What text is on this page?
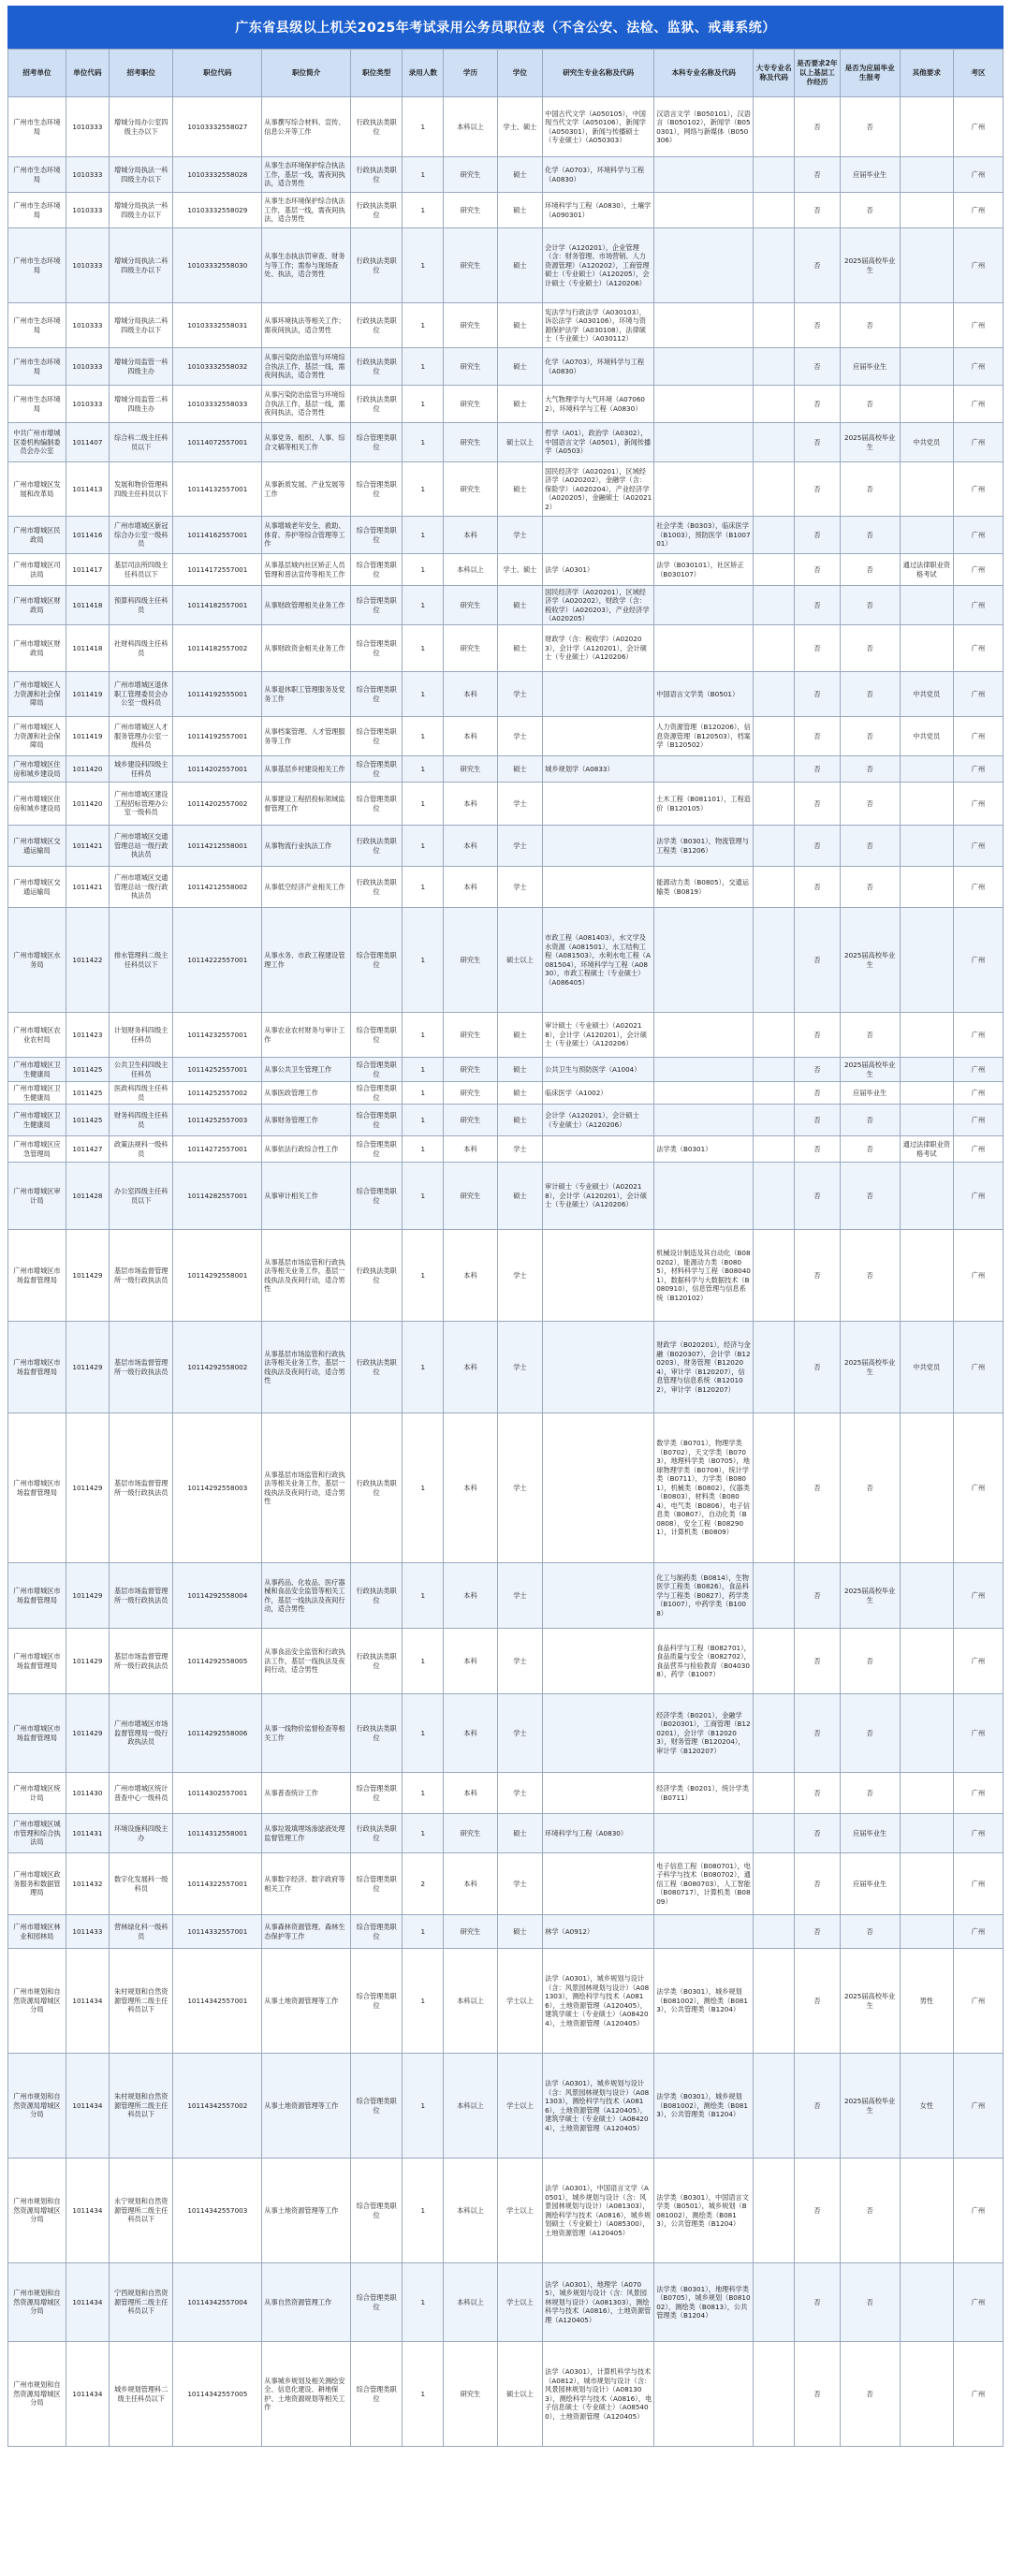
广东省县级以上机关2025年考试录用公务员职位表（不含公安、法检、监狱、戒毒系统）
招考单位	单位代码	招考职位	职位代码	职位简介	职位类型	录用人数	学历	学位	研究生专业名称及代码	本科专业名称及代码	大专专业名称及代码	是否要求2年以上基层工作经历	是否为应届毕业生报考	其他要求	考区
广州市生态环境局	1010333	增城分局办公室四级主办以下	10103332558027	从事撰写综合材料、宣传、信息公开等工作	行政执法类职位	1	本科以上	学士、硕士	中国古代文学（A050105），中国现当代文学（A050106），新闻学（A050301），新闻与传播硕士（专业硕士）（A050303）	汉语言文学（B050101），汉语言（B050102），新闻学（B050301），网络与新媒体（B050306）		否	否		广州
广州市生态环境局	1010333	增城分局执法一科四级主办以下	10103332558028	从事生态环境保护综合执法工作，基层一线，需夜间执法，适合男性	行政执法类职位	1	研究生	硕士	化学（A0703），环境科学与工程（A0830）			否	应届毕业生		广州
广州市生态环境局	1010333	增城分局执法一科四级主办以下	10103332558029	从事生态环境保护综合执法工作，基层一线，需夜间执法，适合男性	行政执法类职位	1	研究生	硕士	环境科学与工程（A0830），土壤学（A090301）			否	否		广州
广州市生态环境局	1010333	增城分局执法二科四级主办以下	10103332558030	从事生态执法罚审查、财务与等工作；需参与现场查处、执法，适合男性	行政执法类职位	1	研究生	硕士	会计学（A120201），企业管理（含：财务管理、市场营销、人力资源管理）（A120202），工商管理硕士（专业硕士）（A120205），会计硕士（专业硕士）（A120206）			否	2025届高校毕业生		广州
广州市生态环境局	1010333	增城分局执法二科四级主办以下	10103332558031	从事环境执法等相关工作；需夜间执法，适合男性	行政执法类职位	1	研究生	硕士	宪法学与行政法学（A030103），诉讼法学（A030106），环境与资源保护法学（A030108），法律硕士（专业硕士）（A030112）			否	否		广州
广州市生态环境局	1010333	增城分局监管一科四级主办	10103332558032	从事污染防治监管与环境综合执法工作，基层一线，需夜间执法，适合男性	行政执法类职位	1	研究生	硕士	化学（A0703），环境科学与工程（A0830）			否	应届毕业生		广州
广州市生态环境局	1010333	增城分局监管二科四级主办	10103332558033	从事污染防治监管与环境综合执法工作，基层一线，需夜间执法，适合男性	行政执法类职位	1	研究生	硕士	大气物理学与大气环境（A070602），环境科学与工程（A0830）			否	否		广州
中共广州市增城区委机构编制委员会办公室	1011407	综合科二级主任科员以下	10114072557001	从事党务、组织、人事、综合文稿等相关工作	综合管理类职位	1	研究生	硕士以上	哲学（A01），政治学（A0302），中国语言文学（A0501），新闻传播学（A0503）			否	2025届高校毕业生	中共党员	广州
广州市增城区发展和改革局	1011413	发展和物价管理科四级主任科员以下	10114132557001	从事新质发展、产业发展等工作	综合管理类职位	1	研究生	硕士	国民经济学（A020201），区域经济学（A020202），金融学（含：保险学）（A020204），产业经济学（A020205），金融硕士（A020212）			否	否		广州
广州市增城区民政局	1011416	广州市增城区新冠综合办公室一级科员	10114162557001	从事增城老年安全、救助、体育、养护等综合管理等工作	综合管理类职位	1	本科	学士		社会学类（B0303），临床医学（B1003），预防医学（B100701）		否	否		广州
广州市增城区司法局	1011417	基层司法所四级主任科员以下	10114172557001	从事基层城内社区矫正人员管理和普法宣传等相关工作	综合管理类职位	1	本科以上	学士、硕士	法学（A0301）	法学（B030101），社区矫正（B030107）		否	否	通过法律职业资格考试	广州
广州市增城区财政局	1011418	预算科四级主任科员	10114182557001	从事财政管理相关业务工作	综合管理类职位	1	研究生	硕士	国民经济学（A020201），区域经济学（A020202），财政学（含：税收学）（A020203），产业经济学（A020205）			否	否		广州
广州市增城区财政局	1011418	社财科四级主任科员	10114182557002	从事财政资金相关业务工作	综合管理类职位	1	研究生	硕士	财政学（含：税收学）（A020203），会计学（A120201），会计硕士（专业硕士）（A120206）			否	否		广州
广州市增城区人力资源和社会保障局	1011419	广州市增城区退休职工管理委员会办公室一级科员	10114192555001	从事退休职工管理服务及党务工作	综合管理类职位	1	本科	学士		中国语言文学类（B0501）		否	否	中共党员	广州
广州市增城区人力资源和社会保障局	1011419	广州市增城区人才服务管理办公室一级科员	10114192557001	从事档案管理、人才管理服务等工作	综合管理类职位	1	本科	学士		人力资源管理（B120206），信息资源管理（B120503），档案学（B120502）		否	否	中共党员	广州
广州市增城区住房和城乡建设局	1011420	城乡建设科四级主任科员	10114202557001	从事基层乡村建设相关工作	综合管理类职位	1	研究生	硕士	城乡规划学（A0833）			否	否		广州
广州市增城区住房和城乡建设局	1011420	广州市增城区建设工程招标管理办公室一级科员	10114202557002	从事建设工程招投标领域监督管理工作	综合管理类职位	1	本科	学士		土木工程（B081101），工程造价（B120105）		否	否		广州
广州市增城区交通运输局	1011421	广州市增城区交通管理总站一级行政执法员	10114212558001	从事物流行业执法工作	行政执法类职位	1	本科	学士		法学类（B0301），物流管理与工程类（B1206）		否	否		广州
广州市增城区交通运输局	1011421	广州市增城区交通管理总站一级行政执法员	10114212558002	从事低空经济产业相关工作	行政执法类职位	1	本科	学士		能源动力类（B0805），交通运输类（B0819）		否	否		广州
广州市增城区水务局	1011422	排水管理科二级主任科员以下	10114222557001	从事水务、市政工程建设管理工作	综合管理类职位	1	研究生	硕士以上	市政工程（A081403），水文学及水资源（A081501），水工结构工程（A081503），水利水电工程（A081504），环境科学与工程（A0830），市政工程硕士（专业硕士）（A086405）			否	2025届高校毕业生		广州
广州市增城区农业农村局	1011423	计划财务科四级主任科员	10114232557001	从事农业农村财务与审计工作	综合管理类职位	1	研究生	硕士	审计硕士（专业硕士）（A020218），会计学（A120201），会计硕士（专业硕士）（A120206）			否	否		广州
广州市增城区卫生健康局	1011425	公共卫生科四级主任科员	10114252557001	从事公共卫生管理工作	综合管理类职位	1	研究生	硕士	公共卫生与预防医学（A1004）			否	2025届高校毕业生		广州
广州市增城区卫生健康局	1011425	医政科四级主任科员	10114252557002	从事医政管理工作	综合管理类职位	1	研究生	硕士	临床医学（A1002）			否	应届毕业生		广州
广州市增城区卫生健康局	1011425	财务科四级主任科员	10114252557003	从事财务管理工作	综合管理类职位	1	研究生	硕士	会计学（A120201），会计硕士（专业硕士）（A120206）			否	否		广州
广州市增城区应急管理局	1011427	政策法规科一级科员	10114272557001	从事依法行政综合性工作	综合管理类职位	1	本科	学士		法学类（B0301）		否	否	通过法律职业资格考试	广州
广州市增城区审计局	1011428	办公室四级主任科员以下	10114282557001	从事审计相关工作	综合管理类职位	1	研究生	硕士	审计硕士（专业硕士）（A020218），会计学（A120201），会计硕士（专业硕士）（A120206）			否	否		广州
广州市增城区市场监督管理局	1011429	基层市场监督管理所一级行政执法员	10114292558001	从事基层市场监管和行政执法等相关业务工作，基层一线执法及夜间行动，适合男性	行政执法类职位	1	本科	学士		机械设计制造及其自动化（B080202），能源动力类（B0805），材料科学与工程（B080401），数据科学与大数据技术（B080910），信息管理与信息系统（B120102）		否	否		广州
广州市增城区市场监督管理局	1011429	基层市场监督管理所一级行政执法员	10114292558002	从事基层市场监管和行政执法等相关业务工作，基层一线执法及夜间行动，适合男性	行政执法类职位	1	本科	学士		财政学（B020201），经济与金融（B020307），会计学（B120203），财务管理（B120204），审计学（B120207），信息管理与信息系统（B120102），审计学（B120207）		否	2025届高校毕业生	中共党员	广州
广州市增城区市场监督管理局	1011429	基层市场监督管理所一级行政执法员	10114292558003	从事基层市场监管和行政执法等相关业务工作，基层一线执法及夜间行动，适合男性	行政执法类职位	1	本科	学士		数学类（B0701），物理学类（B0702），天文学类（B0703），地理科学类（B0705），地球物理学类（B0708），统计学类（B0711），力学类（B0801），机械类（B0802），仪器类（B0803），材料类（B0804），电气类（B0806），电子信息类（B0807），自动化类（B0808），安全工程（B082901），计算机类（B0809）		否	否		广州
广州市增城区市场监督管理局	1011429	基层市场监督管理所一级行政执法员	10114292558004	从事药品、化妆品、医疗器械和食品安全监管等相关工作，基层一线执法及夜间行动，适合男性	行政执法类职位	1	本科	学士		化工与制药类（B0814），生物医学工程类（B0826），食品科学与工程类（B0827），药学类（B1007），中药学类（B1008）		否	2025届高校毕业生		广州
广州市增城区市场监督管理局	1011429	基层市场监督管理所一级行政执法员	10114292558005	从事食品安全监管和行政执法工作，基层一线执法及夜间行动，适合男性	行政执法类职位	1	本科	学士		食品科学与工程（B082701），食品质量与安全（B082702），食品营养与检验教育（B040308），药学（B1007）		否	否		广州
广州市增城区市场监督管理局	1011429	广州市增城区市场监督管理局一级行政执法员	10114292558006	从事一线物价监督检查等相关工作	行政执法类职位	1	本科	学士		经济学类（B0201），金融学（B020301），工商管理（B120201），会计学（B120203），财务管理（B120204），审计学（B120207）		否	否		广州
广州市增城区统计局	1011430	广州市增城区统计普查中心一级科员	10114302557001	从事普查统计工作	综合管理类职位	1	本科	学士		经济学类（B0201），统计学类（B0711）		否	否		广州
广州市增城区城市管理和综合执法局	1011431	环境设施科四级主办	10114312558001	从事垃圾填埋场渗滤液处理监督管理工作	行政执法类职位	1	研究生	硕士	环境科学与工程（A0830）			否	应届毕业生		广州
广州市增城区政务服务和数据管理局	1011432	数字化发展科一级科员	10114322557001	从事数字经济、数字政府等相关工作	综合管理类职位	2	本科	学士		电子信息工程（B080701），电子科学与技术（B080702），通信工程（B080703），人工智能（B080717），计算机类（B0809）		否	应届毕业生		广州
广州市增城区林业和园林局	1011433	营林绿化科一级科员	10114332557001	从事森林资源管理、森林生态保护等工作	综合管理类职位	1	研究生	硕士	林学（A0912）			否	否		广州
广州市规划和自然资源局增城区分局	1011434	朱村规划和自然资源管理所二级主任科员以下	10114342557001	从事土地资源管理等工作	综合管理类职位	1	本科以上	学士以上	法学（A0301），城乡规划与设计（含：风景园林规划与设计）（A081303），测绘科学与技术（A0816），土地资源管理（A120405），建筑学硕士（专业硕士）（A084204），土地资源管理（A120405）	法学类（B0301），城乡规划（B081002），测绘类（B0813），公共管理类（B1204）		否	2025届高校毕业生	男性	广州
广州市规划和自然资源局增城区分局	1011434	朱村规划和自然资源管理所二级主任科员以下	10114342557002	从事土地资源管理等工作	综合管理类职位	1	本科以上	学士以上	法学（A0301），城乡规划与设计（含：风景园林规划与设计）（A081303），测绘科学与技术（A0816），土地资源管理（A120405），建筑学硕士（专业硕士）（A084204），土地资源管理（A120405）	法学类（B0301），城乡规划（B081002），测绘类（B0813），公共管理类（B1204）		否	2025届高校毕业生	女性	广州
广州市规划和自然资源局增城区分局	1011434	永宁规划和自然资源管理所二级主任科员以下	10114342557003	从事土地资源管理等工作	综合管理类职位	1	本科以上	学士以上	法学（A0301），中国语言文学（A0501），城乡规划与设计（含：风景园林规划与设计）（A081303），测绘科学与技术（A0816），城乡规划硕士（专业硕士）（A085300），土地资源管理（A120405）	法学类（B0301），中国语言文学类（B0501），城乡规划（B081002），测绘类（B0813），公共管理类（B1204）		否	否		广州
广州市规划和自然资源局增城区分局	1011434	宁西规划和自然资源管理所二级主任科员以下	10114342557004	从事自然资源管理工作	综合管理类职位	1	本科以上	学士以上	法学（A0301），地理学（A0705），城乡规划与设计（含：风景园林规划与设计）（A081303），测绘科学与技术（A0816），土地资源管理（A120405）	法学类（B0301），地理科学类（B0705），城乡规划（B081002），测绘类（B0813），公共管理类（B1204）		否	否		广州
广州市规划和自然资源局增城区分局	1011434	城乡规划管理科二级主任科员以下	10114342557005	从事城乡规划及相关测绘安全、信息化建设、耕地保护、土地资源规划等相关工作	综合管理类职位	1	研究生	硕士以上	法学（A0301），计算机科学与技术（A0812），城市规划与设计（含：风景园林规划与设计）（A081303），测绘科学与技术（A0816），电子信息硕士（专业硕士）（A085400），土地资源管理（A120405）			否	否		广州
